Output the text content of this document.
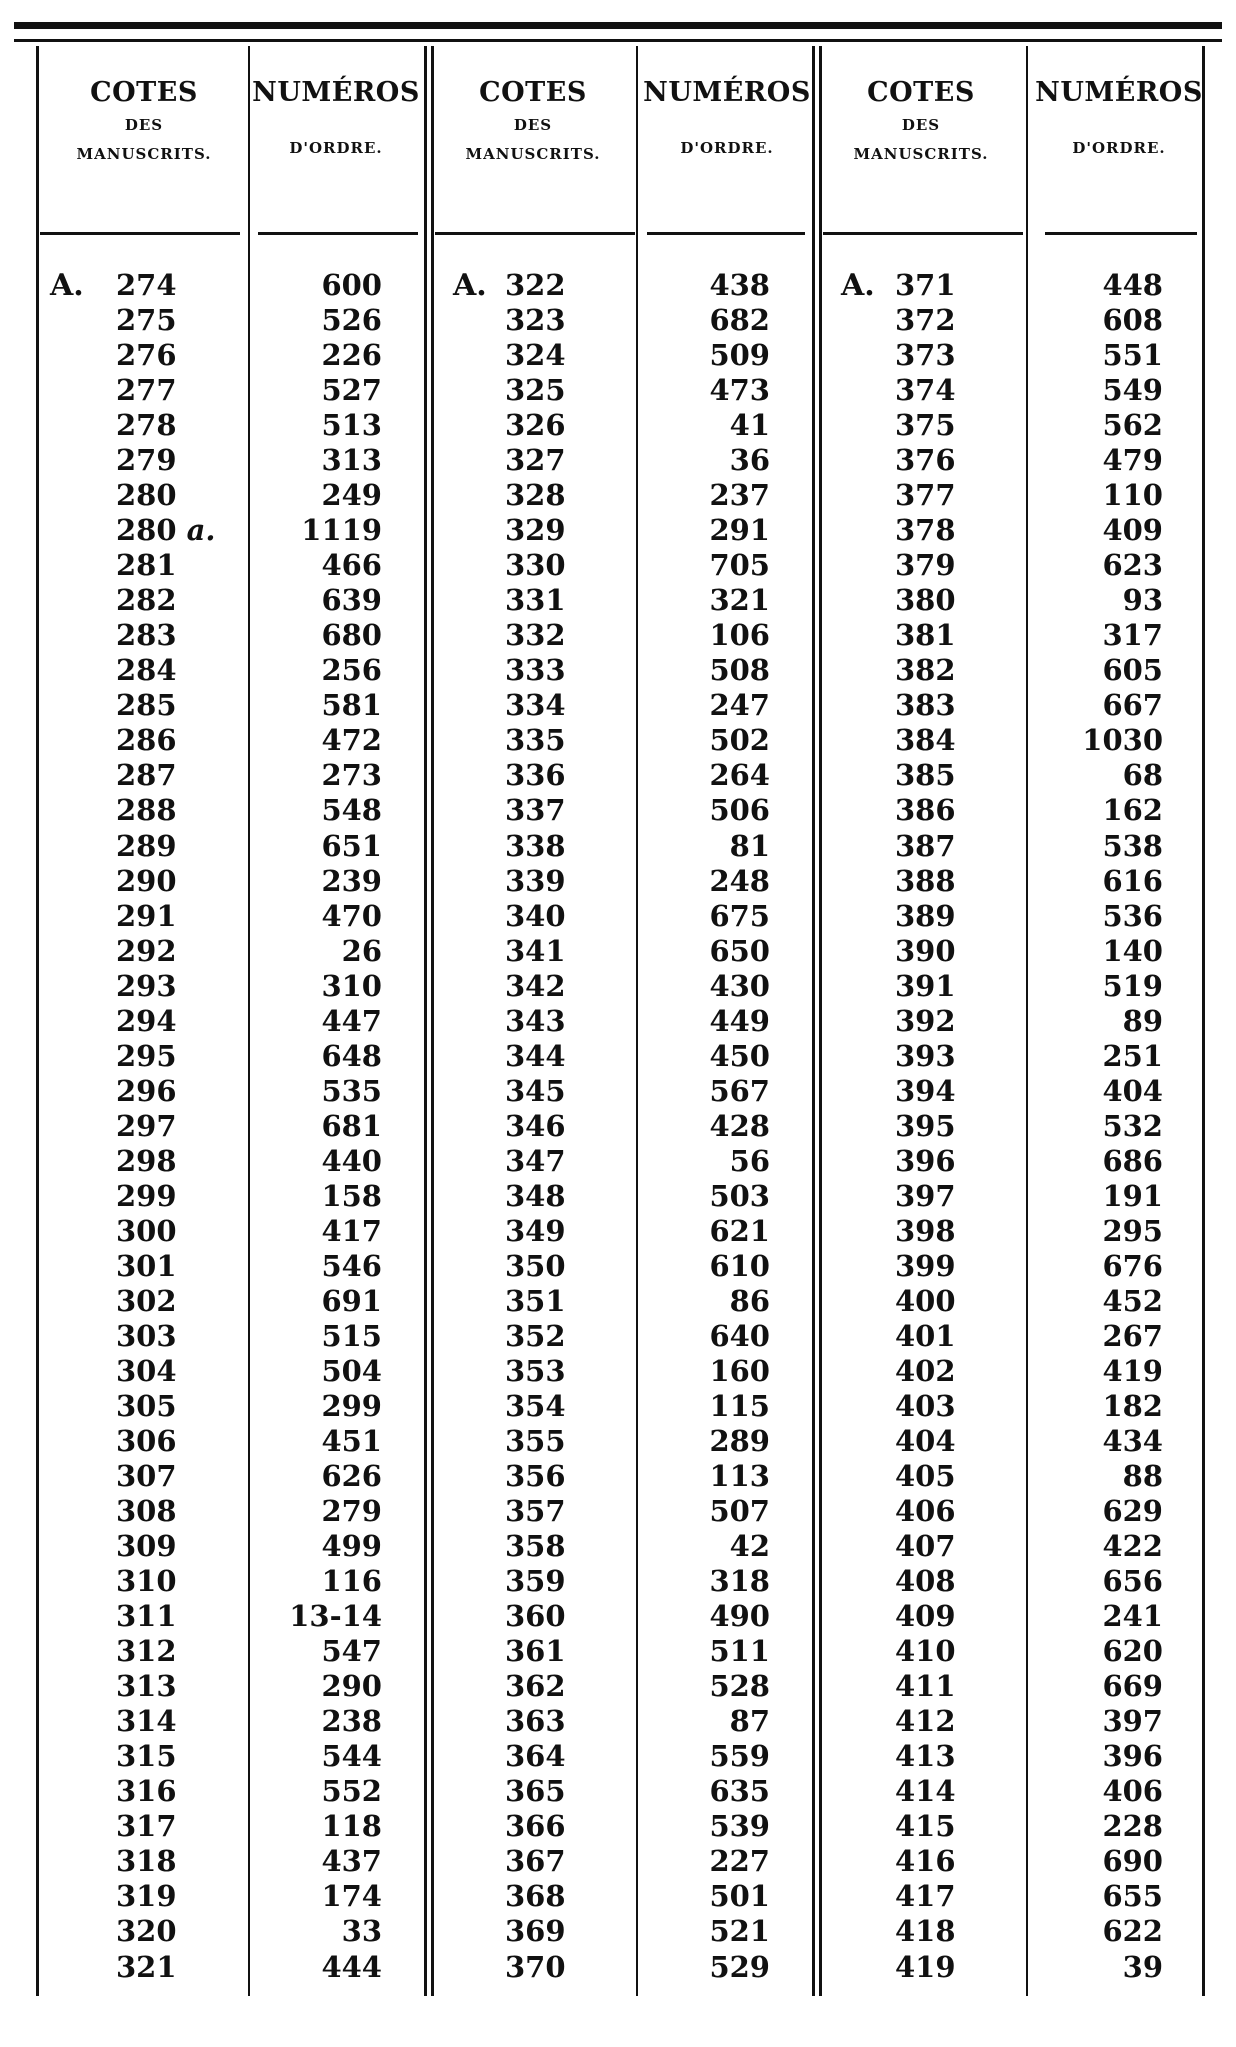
COTES
DES
MANUSCRITS.
NUMÉROS
D'ORDRE.
A. 274
275
276
277
278
279
280
280 a.
281
282
283
284
285
286
287
288
289
290
291
292
293
294
295
296
297
298
299
300
301
302
303
304
305
306
307
308
309
310
311
312
313
314
315
316
317
318
319
320
321
600
526
226
527
513
313
249
1119
466
639
680
256
581
472
273
548
651
239
470
26
310
447
648
535
681
440
158
417
546
691
515
504
299
451
626
279
499
116
13-14
547
290
238
544
552
118
437
174
33
444
COTES
DES
MANUSCRITS.
NUMÉROS
D'ORDRE.
A. 322
323
324
325
326
327
328
329
330
331
332
333
334
335
336
337
338
339
340
341
342
343
344
345
346
347
348
349
350
351
352
353
354
355
356
357
358
359
360
361
362
363
364
365
366
367
368
369
370
438
682
509
473
41
36
237
291
705
321
106
508
247
502
264
506
81
248
675
650
430
449
450
567
428
56
503
621
610
86
640
160
115
289
113
507
42
318
490
511
528
87
559
635
539
227
501
521
529
COTES
DES
MANUSCRITS.
NUMÉROS
D'ORDRE.
A. 371
372
373
374
375
376
377
378
379
380
381
382
383
384
385
386
387
388
389
390
391
392
393
394
395
396
397
398
399
400
401
402
403
404
405
406
407
408
409
410
411
412
413
414
415
416
417
418
419
448
608
551
549
562
479
110
409
623
93
317
605
667
1030
68
162
538
616
536
140
519
89
251
404
532
686
191
295
676
452
267
419
182
434
88
629
422
656
241
620
669
397
396
406
228
690
655
622
39
